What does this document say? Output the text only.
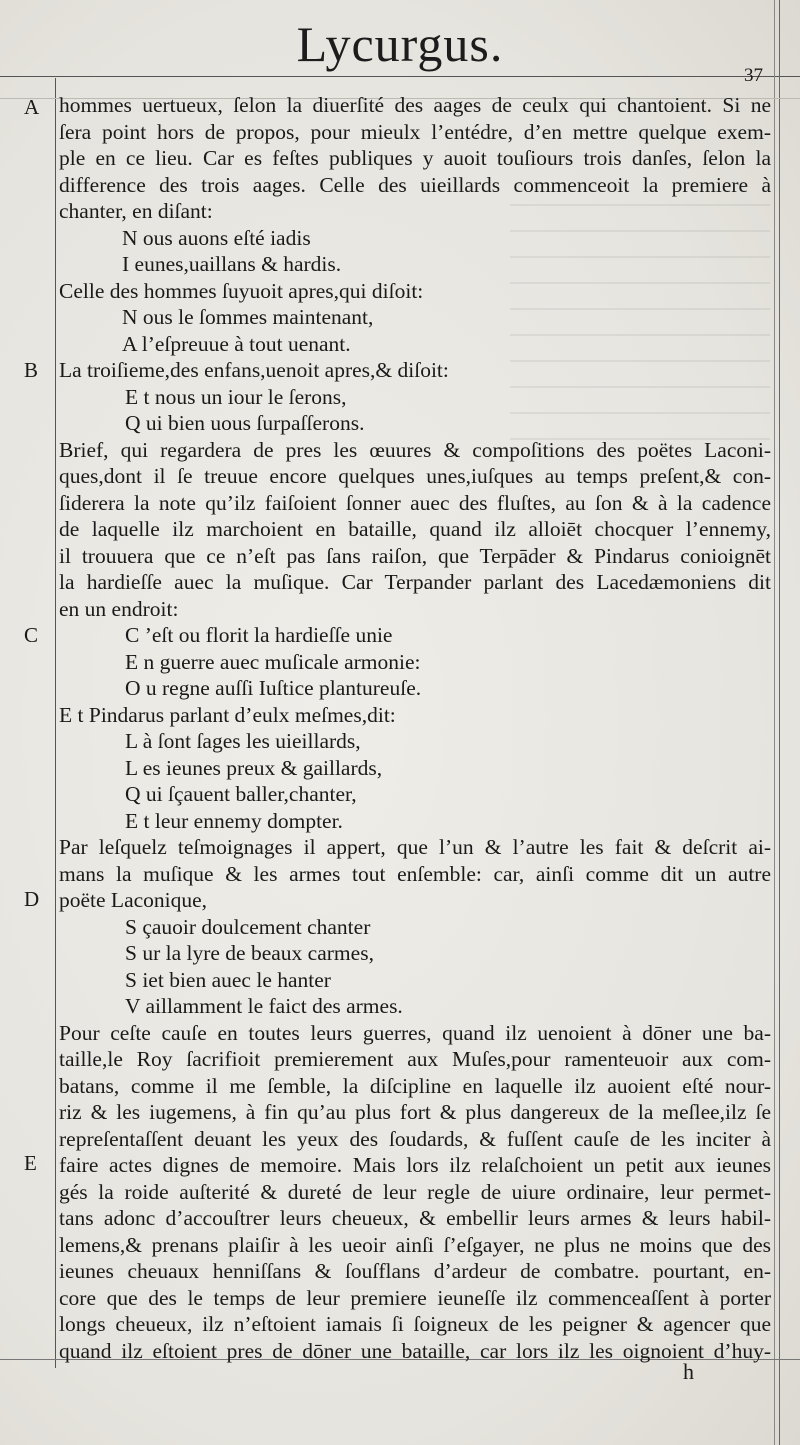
Lycurgus.
37
A
B
C
D
E
hommes uertueux, ſelon la diuerſité des aages de ceulx qui chantoient. Si ne
ſera point hors de propos, pour mieulx l’entédre, d’en mettre quelque exem-
ple en ce lieu. Car es feſtes publiques y auoit touſiours trois danſes, ſelon la
difference des trois aages. Celle des uieillards commenceoit la premiere à
chanter, en diſant:
N ous auons eſté iadis
I eunes,uaillans & hardis.
Celle des hommes ſuyuoit apres,qui diſoit:
N ous le ſommes maintenant,
A l’eſpreuue à tout uenant.
La troiſieme,des enfans,uenoit apres,& diſoit:
E t nous un iour le ſerons,
Q ui bien uous ſurpaſſerons.
Brief, qui regardera de pres les œuures & compoſitions des poëtes Laconi-
ques,dont il ſe treuue encore quelques unes,iuſques au temps preſent,& con-
ſiderera la note qu’ilz faiſoient ſonner auec des fluſtes, au ſon & à la cadence
de laquelle ilz marchoient en bataille, quand ilz alloiēt chocquer l’ennemy,
il trouuera que ce n’eſt pas ſans raiſon, que Terpāder & Pindarus conioignēt
la hardieſſe auec la muſique. Car Terpander parlant des Lacedæmoniens dit
en un endroit:
C ’eſt ou florit la hardieſſe unie
E n guerre auec muſicale armonie:
O u regne auſſi Iuſtice plantureuſe.
E t Pindarus parlant d’eulx meſmes,dit:
L à ſont ſages les uieillards,
L es ieunes preux & gaillards,
Q ui ſçauent baller,chanter,
E t leur ennemy dompter.
Par leſquelz teſmoignages il appert, que l’un & l’autre les fait & deſcrit ai-
mans la muſique & les armes tout enſemble: car, ainſi comme dit un autre
poëte Laconique,
S çauoir doulcement chanter
S ur la lyre de beaux carmes,
S iet bien auec le hanter
V aillamment le faict des armes.
Pour ceſte cauſe en toutes leurs guerres, quand ilz uenoient à dōner une ba-
taille,le Roy ſacrifioit premierement aux Muſes,pour ramenteuoir aux com-
batans, comme il me ſemble, la diſcipline en laquelle ilz auoient eſté nour-
riz & les iugemens, à fin qu’au plus fort & plus dangereux de la meſlee,ilz ſe
repreſentaſſent deuant les yeux des ſoudards, & fuſſent cauſe de les inciter à
faire actes dignes de memoire. Mais lors ilz relaſchoient un petit aux ieunes
gés la roide auſterité & dureté de leur regle de uiure ordinaire, leur permet-
tans adonc d’accouſtrer leurs cheueux, & embellir leurs armes & leurs habil-
lemens,& prenans plaiſir à les ueoir ainſi ſ’eſgayer, ne plus ne moins que des
ieunes cheuaux henniſſans & ſouſflans d’ardeur de combatre. pourtant, en-
core que des le temps de leur premiere ieuneſſe ilz commenceaſſent à porter
longs cheueux, ilz n’eſtoient iamais ſi ſoigneux de les peigner & agencer que
quand ilz eſtoient pres de dōner une bataille, car lors ilz les oignoient d’huy-
h
